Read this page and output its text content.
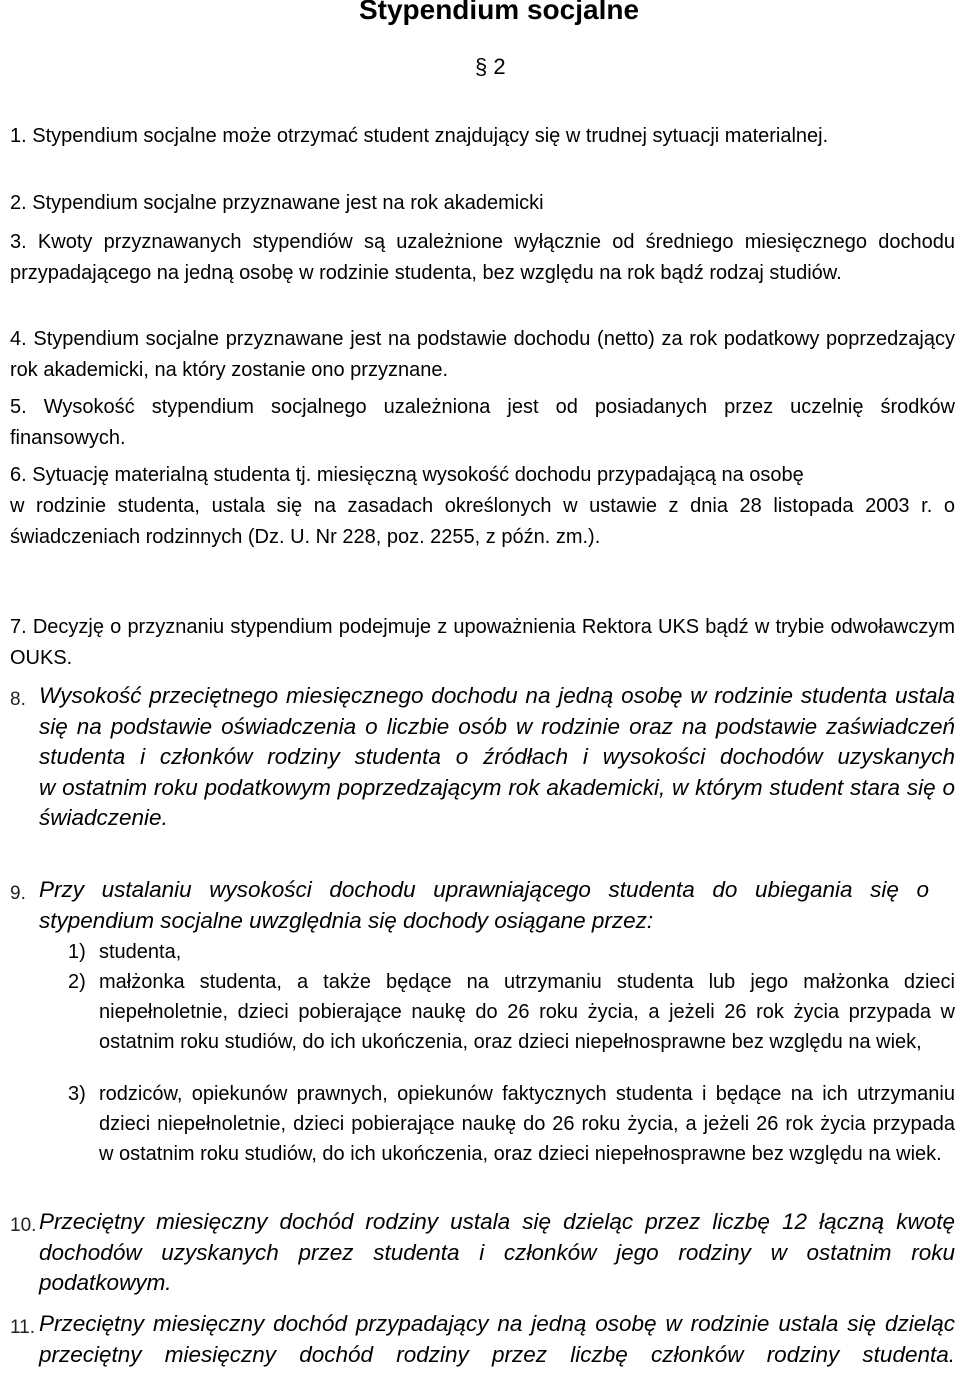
Stypendium socjalne
§ 2
1. Stypendium socjalne może otrzymać student znajdujący się w trudnej sytuacji materialnej.
2. Stypendium socjalne przyznawane jest na rok akademicki
3. Kwoty przyznawanych stypendiów są uzależnione wyłącznie od średniego miesięcznego dochodu przypadającego na jedną osobę w rodzinie studenta, bez względu na rok bądź rodzaj studiów.
4. Stypendium socjalne przyznawane jest na podstawie dochodu (netto) za rok podatkowy poprzedzający rok akademicki, na który zostanie ono przyznane.
5. Wysokość stypendium socjalnego uzależniona jest od posiadanych przez uczelnię środków finansowych.
6. Sytuację materialną studenta tj. miesięczną wysokość dochodu przypadającą na osobę
w rodzinie studenta, ustala się na zasadach określonych w ustawie z dnia 28 listopada 2003 r. o świadczeniach rodzinnych (Dz. U. Nr 228, poz. 2255, z późn. zm.).
7. Decyzję o przyznaniu stypendium podejmuje z upoważnienia Rektora UKS bądź w trybie odwoławczym OUKS.
8. Wysokość przeciętnego miesięcznego dochodu na jedną osobę w rodzinie studenta ustala się na podstawie oświadczenia o liczbie osób w rodzinie oraz na podstawie zaświadczeń studenta i członków rodziny studenta o źródłach i wysokości dochodów uzyskanych
w ostatnim roku podatkowym poprzedzającym rok akademicki, w którym student stara się o świadczenie.
9. Przy ustalaniu wysokości dochodu uprawniającego studenta do ubiegania się o stypendium socjalne uwzględnia się dochody osiągane przez:
1) studenta,
2) małżonka studenta, a także będące na utrzymaniu studenta lub jego małżonka dzieci niepełnoletnie, dzieci pobierające naukę do 26 roku życia, a jeżeli 26 rok życia przypada w ostatnim roku studiów, do ich ukończenia, oraz dzieci niepełnosprawne bez względu na wiek,
3) rodziców, opiekunów prawnych, opiekunów faktycznych studenta i będące na ich utrzymaniu dzieci niepełnoletnie, dzieci pobierające naukę do 26 roku życia, a jeżeli 26 rok życia przypada w ostatnim roku studiów, do ich ukończenia, oraz dzieci niepełnosprawne bez względu na wiek.
10. Przeciętny miesięczny dochód rodziny ustala się dzieląc przez liczbę 12 łączną kwotę dochodów uzyskanych przez studenta i członków jego rodziny w ostatnim roku podatkowym.
11. Przeciętny miesięczny dochód przypadający na jedną osobę w rodzinie ustala się dzieląc przeciętny miesięczny dochód rodziny przez liczbę członków rodziny studenta.
